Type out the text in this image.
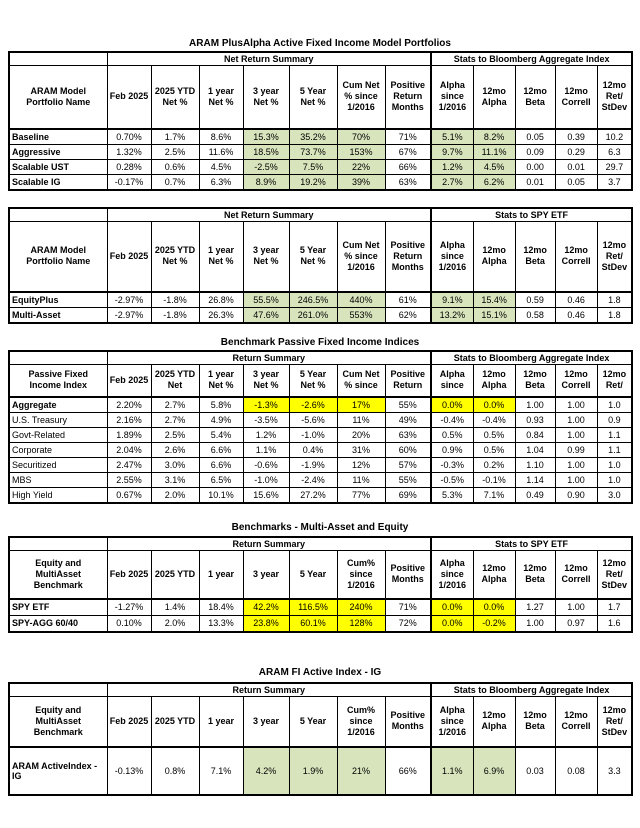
ARAM PlusAlpha Active Fixed Income Model Portfolios
	Net Return Summary							Stats to Bloomberg Aggregate Index				
ARAM Model Portfolio Name	Feb 2025	2025 YTD Net %	1 year Net %	3 year Net %	5 Year Net %	Cum Net % since 1/2016	Positive Return Months	Alpha since 1/2016	12mo Alpha	12mo Beta	12mo Correll	12mo Ret/ StDev
Baseline	0.70%	1.7%	8.6%	15.3%	35.2%	70%	71%	5.1%	8.2%	0.05	0.39	10.2
Aggressive	1.32%	2.5%	11.6%	18.5%	73.7%	153%	67%	9.7%	11.1%	0.09	0.29	6.3
Scalable UST	0.28%	0.6%	4.5%	-2.5%	7.5%	22%	66%	1.2%	4.5%	0.00	0.01	29.7
Scalable IG	-0.17%	0.7%	6.3%	8.9%	19.2%	39%	63%	2.7%	6.2%	0.01	0.05	3.7
	Net Return Summary							Stats to SPY ETF				
ARAM Model Portfolio Name	Feb 2025	2025 YTD Net %	1 year Net %	3 year Net %	5 Year Net %	Cum Net % since 1/2016	Positive Return Months	Alpha since 1/2016	12mo Alpha	12mo Beta	12mo Correll	12mo Ret/ StDev
EquityPlus	-2.97%	-1.8%	26.8%	55.5%	246.5%	440%	61%	9.1%	15.4%	0.59	0.46	1.8
Multi-Asset	-2.97%	-1.8%	26.3%	47.6%	261.0%	553%	62%	13.2%	15.1%	0.58	0.46	1.8
Benchmark Passive Fixed Income Indices
	Return Summary							Stats to Bloomberg Aggregate Index				
Passive Fixed Income Index	Feb 2025	2025 YTD Net	1 year Net %	3 year Net %	5 Year Net %	Cum Net % since	Positive Return	Alpha since	12mo Alpha	12mo Beta	12mo Correll	12mo Ret/
Aggregate	2.20%	2.7%	5.8%	-1.3%	-2.6%	17%	55%	0.0%	0.0%	1.00	1.00	1.0
U.S. Treasury	2.16%	2.7%	4.9%	-3.5%	-5.6%	11%	49%	-0.4%	-0.4%	0.93	1.00	0.9
Govt-Related	1.89%	2.5%	5.4%	1.2%	-1.0%	20%	63%	0.5%	0.5%	0.84	1.00	1.1
Corporate	2.04%	2.6%	6.6%	1.1%	0.4%	31%	60%	0.9%	0.5%	1.04	0.99	1.1
Securitized	2.47%	3.0%	6.6%	-0.6%	-1.9%	12%	57%	-0.3%	0.2%	1.10	1.00	1.0
MBS	2.55%	3.1%	6.5%	-1.0%	-2.4%	11%	55%	-0.5%	-0.1%	1.14	1.00	1.0
High Yield	0.67%	2.0%	10.1%	15.6%	27.2%	77%	69%	5.3%	7.1%	0.49	0.90	3.0
Benchmarks - Multi-Asset and Equity
	Return Summary							Stats to SPY ETF				
Equity and MultiAsset Benchmark	Feb 2025	2025 YTD	1 year	3 year	5 Year	Cum% since 1/2016	Positive Months	Alpha since 1/2016	12mo Alpha	12mo Beta	12mo Correll	12mo Ret/ StDev
SPY ETF	-1.27%	1.4%	18.4%	42.2%	116.5%	240%	71%	0.0%	0.0%	1.27	1.00	1.7
SPY-AGG 60/40	0.10%	2.0%	13.3%	23.8%	60.1%	128%	72%	0.0%	-0.2%	1.00	0.97	1.6
ARAM FI Active Index - IG
	Return Summary							Stats to Bloomberg Aggregate Index				
Equity and MultiAsset Benchmark	Feb 2025	2025 YTD	1 year	3 year	5 Year	Cum% since 1/2016	Positive Months	Alpha since 1/2016	12mo Alpha	12mo Beta	12mo Correll	12mo Ret/ StDev
ARAM ActiveIndex - IG	-0.13%	0.8%	7.1%	4.2%	1.9%	21%	66%	1.1%	6.9%	0.03	0.08	3.3
